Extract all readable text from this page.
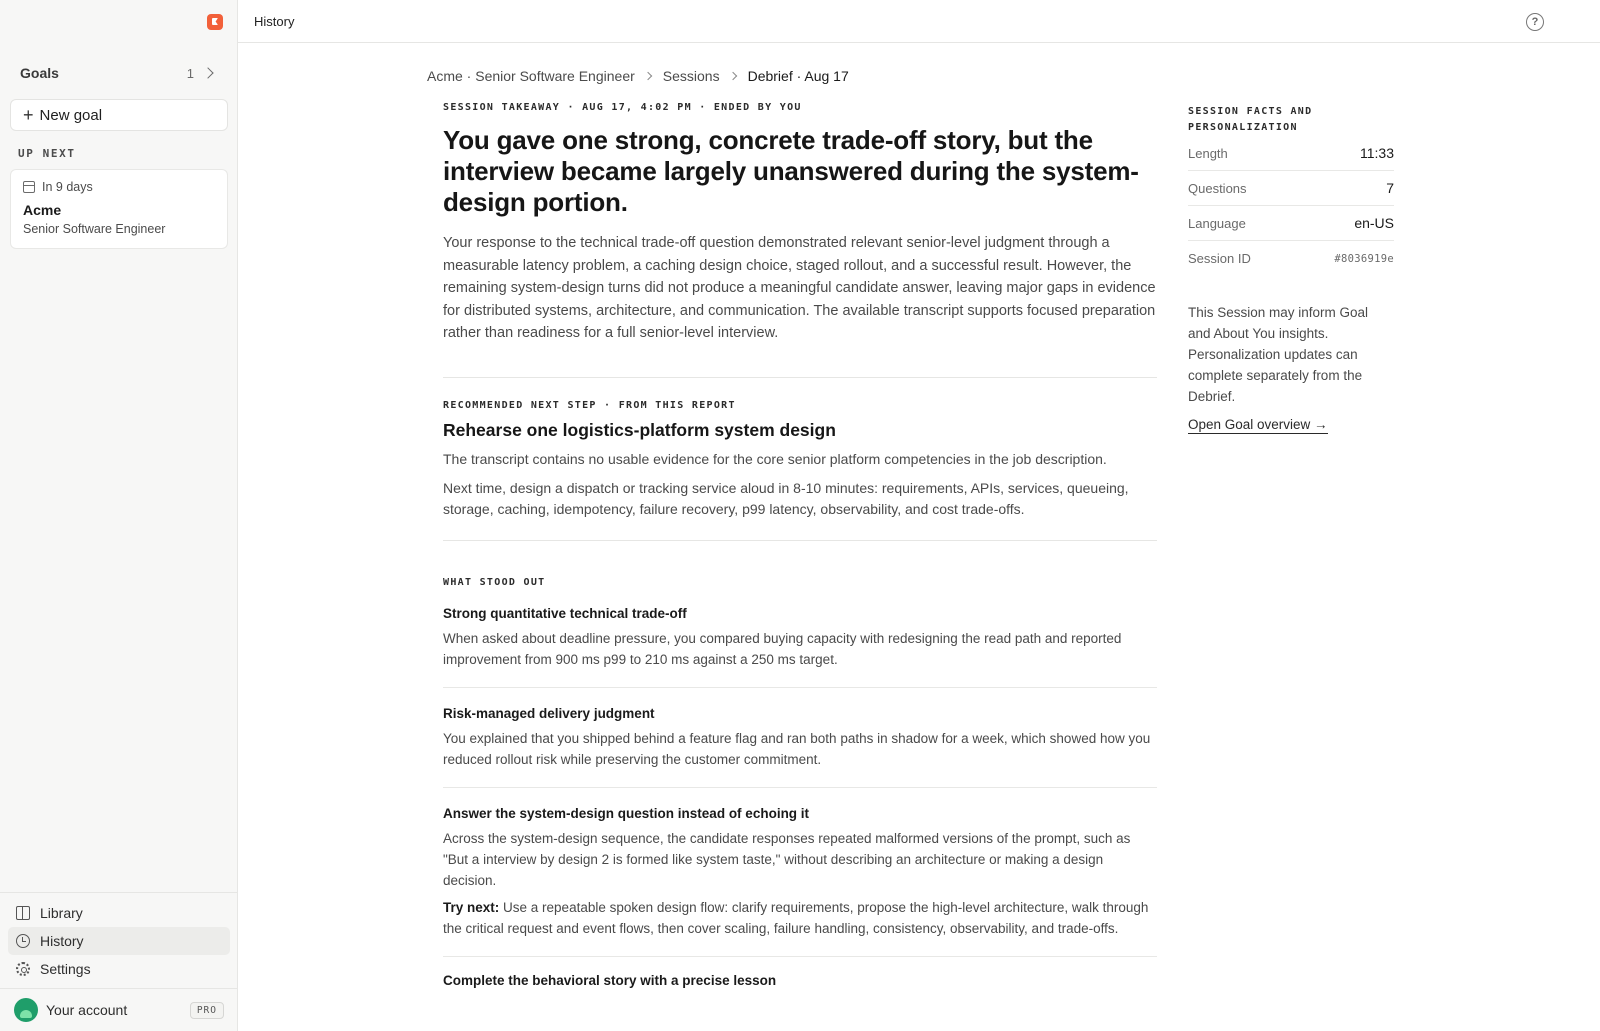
Goals	1
+ New goal
UP NEXT
In 9 days
Acme
Senior Software Engineer
Library
History
Settings
Your account	PRO
History	?
Acme · Senior Software Engineer Sessions Debrief · Aug 17
SESSION TAKEAWAY · AUG 17, 4:02 PM · ENDED BY YOU
You gave one strong, concrete trade-off story, but the interview became largely unanswered during the system-design portion.

Your response to the technical trade-off question demonstrated relevant senior-level judgment through a measurable latency problem, a caching design choice, staged rollout, and a successful result. However, the remaining system-design turns did not produce a meaningful candidate answer, leaving major gaps in evidence for distributed systems, architecture, and communication. The available transcript supports focused preparation rather than readiness for a full senior-level interview.

RECOMMENDED NEXT STEP · FROM THIS REPORT
Rehearse one logistics-platform system design

The transcript contains no usable evidence for the core senior platform competencies in the job description.

Next time, design a dispatch or tracking service aloud in 8-10 minutes: requirements, APIs, services, queueing, storage, caching, idempotency, failure recovery, p99 latency, observability, and cost trade-offs.

WHAT STOOD OUT
Strong quantitative technical trade-off
When asked about deadline pressure, you compared buying capacity with redesigning the read path and reported improvement from 900 ms p99 to 210 ms against a 250 ms target.
Risk-managed delivery judgment
You explained that you shipped behind a feature flag and ran both paths in shadow for a week, which showed how you reduced rollout risk while preserving the customer commitment.
Answer the system-design question instead of echoing it
Across the system-design sequence, the candidate responses repeated malformed versions of the prompt, such as "But a interview by design 2 is formed like system taste," without describing an architecture or making a design decision.
Try next: Use a repeatable spoken design flow: clarify requirements, propose the high-level architecture, walk through the critical request and event flows, then cover scaling, failure handling, consistency, observability, and trade-offs.
Complete the behavioral story with a precise lesson
SESSION FACTS AND PERSONALIZATION
Length	11:33
Questions	7
Language	en-US
Session ID	#8036919e

This Session may inform Goal and About You insights. Personalization updates can complete separately from the Debrief.

Open Goal overview →
